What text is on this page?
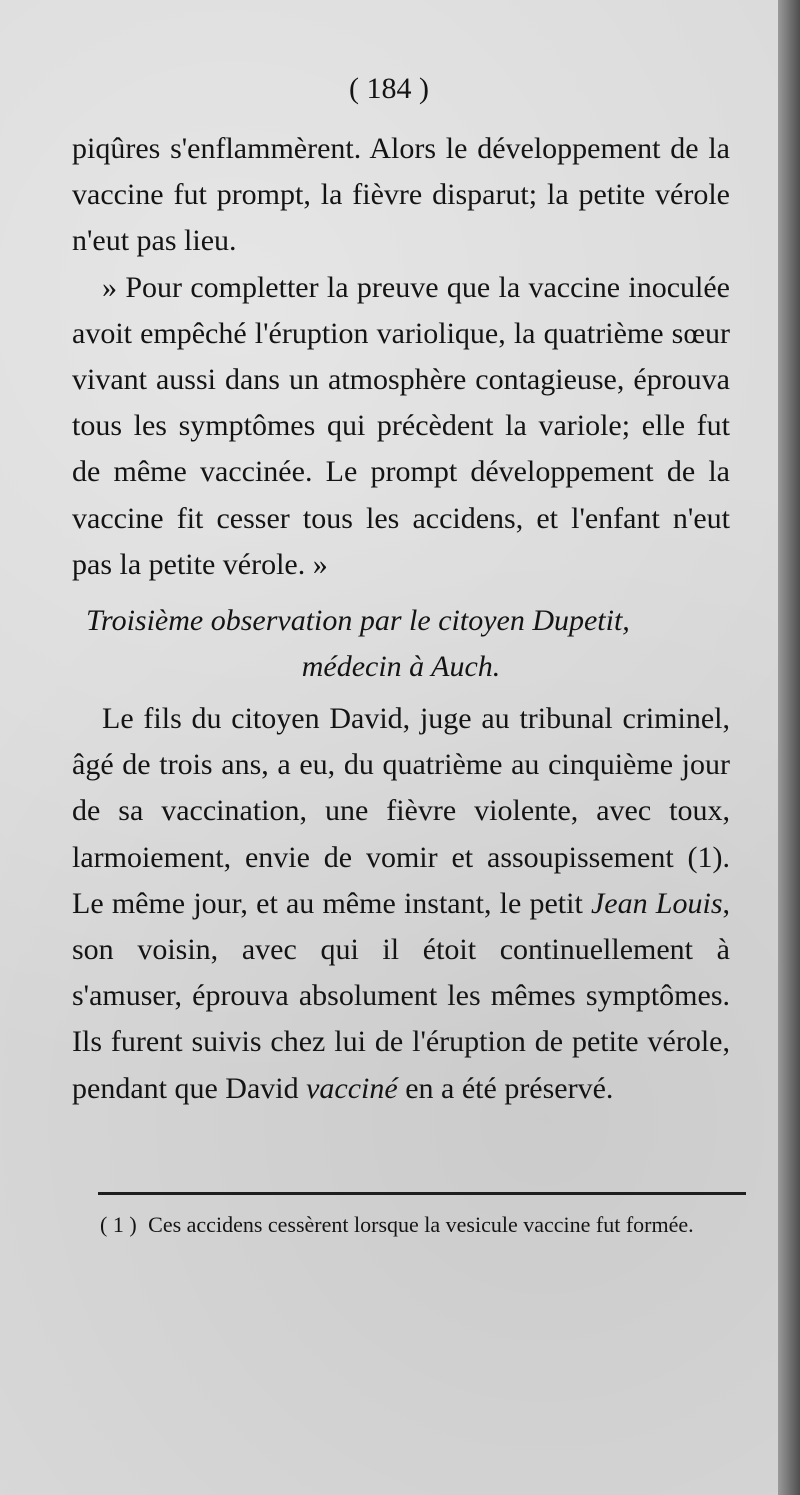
( 184 )

piqûres s'enflammèrent. Alors le développement de la vaccine fut prompt, la fièvre disparut; la petite vérole n'eut pas lieu.

» Pour completter la preuve que la vaccine inoculée avoit empêché l'éruption variolique, la quatrième sœur vivant aussi dans un atmosphère contagieuse, éprouva tous les symptômes qui précèdent la variole; elle fut de même vaccinée. Le prompt développement de la vaccine fit cesser tous les accidens, et l'enfant n'eut pas la petite vérole. »

Troisième observation par le citoyen Dupetit,
médecin à Auch.

Le fils du citoyen David, juge au tribunal criminel, âgé de trois ans, a eu, du quatrième au cinquième jour de sa vaccination, une fièvre violente, avec toux, larmoiement, envie de vomir et assoupissement (1). Le même jour, et au même instant, le petit Jean Louis, son voisin, avec qui il étoit continuellement à s'amuser, éprouva absolument les mêmes symptômes. Ils furent suivis chez lui de l'éruption de petite vérole, pendant que David vacciné en a été préservé.

( 1 ) Ces accidens cessèrent lorsque la vesicule vaccine fut formée.
